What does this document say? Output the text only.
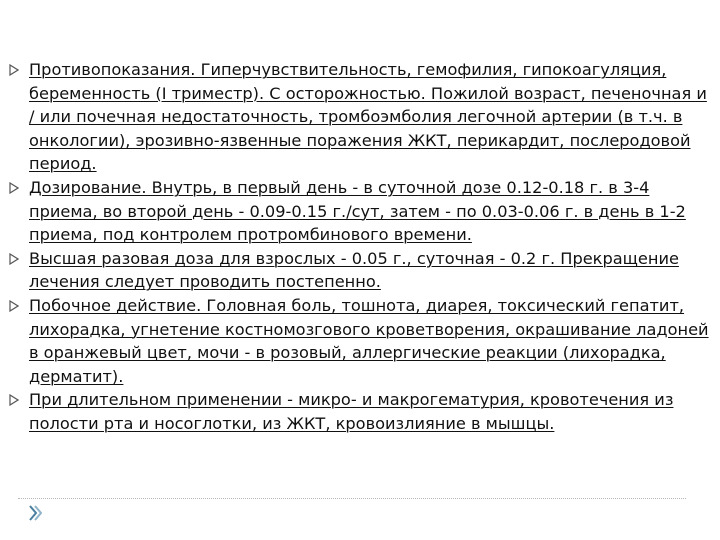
Противопоказания. Гиперчувствительность, гемофилия, гипокоагуляция, беременность (I триместр). С осторожностью. Пожилой возраст, печеночная и / или почечная недостаточность, тромбоэмболия легочной артерии (в т.ч. в онкологии), эрозивно-язвенные поражения ЖКТ, перикардит, послеродовой период.
Дозирование. Внутрь, в первый день - в суточной дозе 0.12-0.18 г. в 3-4 приема, во второй день - 0.09-0.15 г./сут, затем - по 0.03-0.06 г. в день в 1-2 приема, под контролем протромбинового времени.
Высшая разовая доза для взрослых - 0.05 г., суточная - 0.2 г. Прекращение лечения следует проводить постепенно.
Побочное действие. Головная боль, тошнота, диарея, токсический гепатит, лихорадка, угнетение костномозгового кроветворения, окрашивание ладоней в оранжевый цвет, мочи - в розовый, аллергические реакции (лихорадка, дерматит).
При длительном применении - микро- и макрогематурия, кровотечения из полости рта и носоглотки, из ЖКТ, кровоизлияние в мышцы.
